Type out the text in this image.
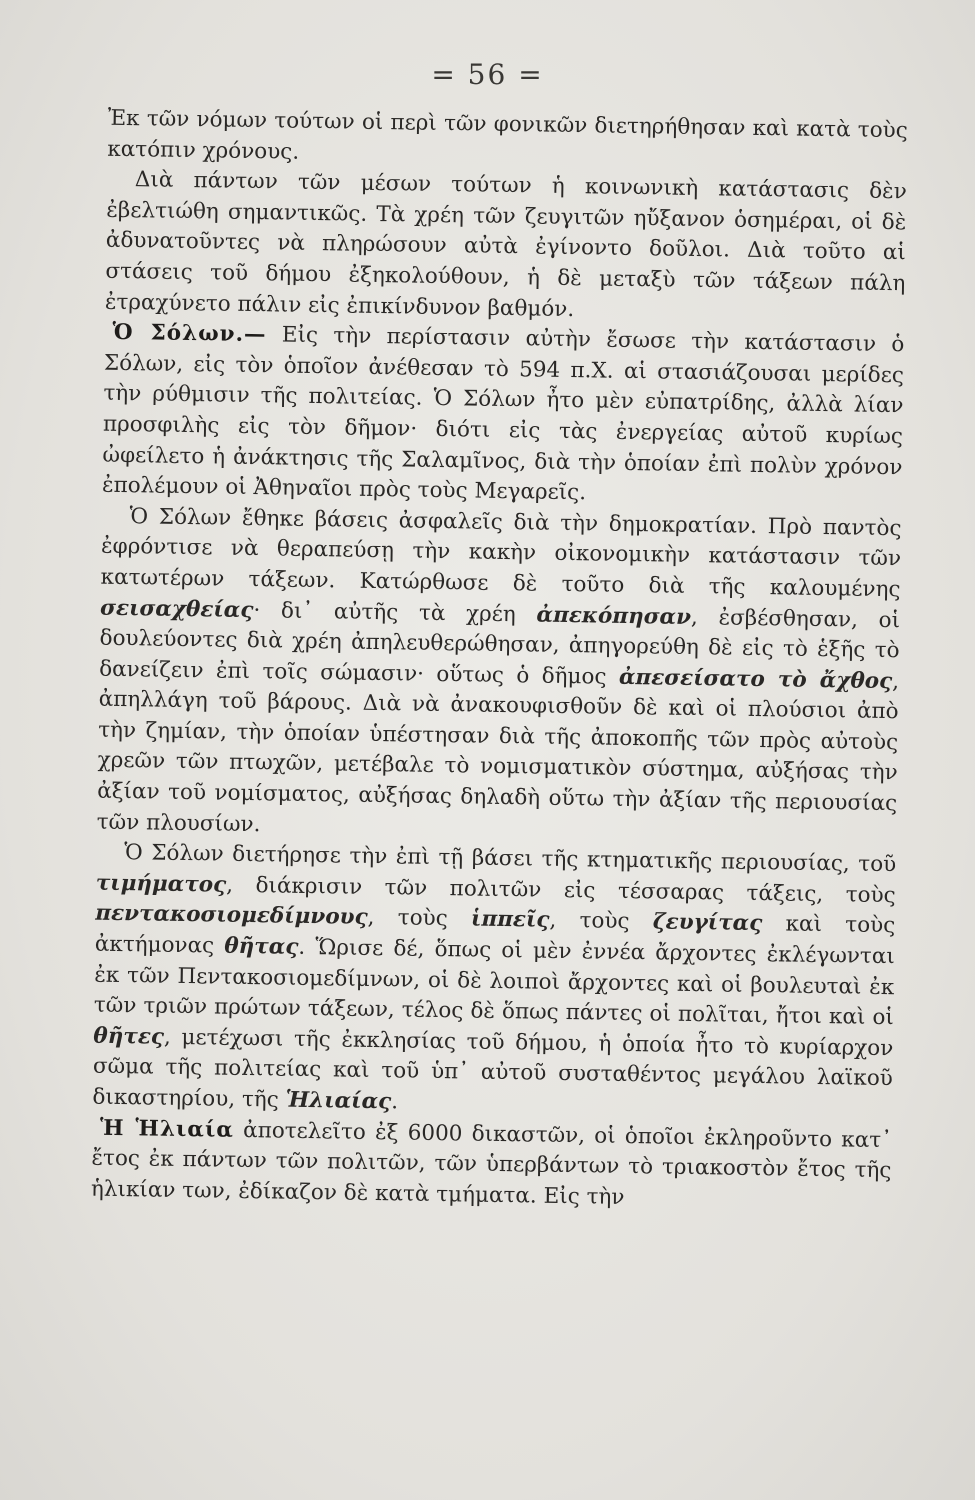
= 56 =

Ἐκ τῶν νόμων τούτων οἱ περὶ τῶν φονικῶν διετηρήθησαν καὶ κατὰ τοὺς κατόπιν χρόνους.

Διὰ πάντων τῶν μέσων τούτων ἡ κοινωνικὴ κατάστασις δὲν ἐβελτιώθη σημαντικῶς. Τὰ χρέη τῶν ζευγιτῶν ηὔξανον ὁσημέραι, οἱ δὲ ἀδυνατοῦντες νὰ πληρώσουν αὐτὰ ἐγίνοντο δοῦλοι. Διὰ τοῦτο αἱ στάσεις τοῦ δήμου ἐξηκολούθουν, ἡ δὲ μεταξὺ τῶν τάξεων πάλη ἐτραχύνετο πάλιν εἰς ἐπικίνδυνον βαθμόν.

Ὁ Σόλων.— Εἰς τὴν περίστασιν αὐτὴν ἔσωσε τὴν κατάστασιν ὁ Σόλων, εἰς τὸν ὁποῖον ἀνέθεσαν τὸ 594 π.Χ. αἱ στασιάζουσαι μερίδες τὴν ρύθμισιν τῆς πολιτείας. Ὁ Σόλων ἦτο μὲν εὐπατρίδης, ἀλλὰ λίαν προσφιλὴς εἰς τὸν δῆμον· διότι εἰς τὰς ἐνεργείας αὐτοῦ κυρίως ὠφείλετο ἡ ἀνάκτησις τῆς Σαλαμῖνος, διὰ τὴν ὁποίαν ἐπὶ πολὺν χρόνον ἐπολέμουν οἱ Ἀθηναῖοι πρὸς τοὺς Μεγαρεῖς.

Ὁ Σόλων ἔθηκε βάσεις ἀσφαλεῖς διὰ τὴν δημοκρατίαν. Πρὸ παντὸς ἐφρόντισε νὰ θεραπεύσῃ τὴν κακὴν οἰκονομικὴν κατάστασιν τῶν κατωτέρων τάξεων. Κατώρθωσε δὲ τοῦτο διὰ τῆς καλουμένης σεισαχθείας· δι᾿ αὐτῆς τὰ χρέη ἀπεκόπησαν, ἐσβέσθησαν, οἱ δουλεύοντες διὰ χρέη ἀπηλευθερώθησαν, ἀπηγορεύθη δὲ εἰς τὸ ἑξῆς τὸ δανείζειν ἐπὶ τοῖς σώμασιν· οὕτως ὁ δῆμος ἀπεσείσατο τὸ ἄχθος, ἀπηλλάγη τοῦ βάρους. Διὰ νὰ ἀνακουφισθοῦν δὲ καὶ οἱ πλούσιοι ἀπὸ τὴν ζημίαν, τὴν ὁποίαν ὑπέστησαν διὰ τῆς ἀποκοπῆς τῶν πρὸς αὐτοὺς χρεῶν τῶν πτωχῶν, μετέβαλε τὸ νομισματικὸν σύστημα, αὐξήσας τὴν ἀξίαν τοῦ νομίσματος, αὐξήσας δηλαδὴ οὕτω τὴν ἀξίαν τῆς περιουσίας τῶν πλουσίων.

Ὁ Σόλων διετήρησε τὴν ἐπὶ τῇ βάσει τῆς κτηματικῆς περιουσίας, τοῦ τιμήματος, διάκρισιν τῶν πολιτῶν εἰς τέσσαρας τάξεις, τοὺς πεντακοσιομεδίμνους, τοὺς ἱππεῖς, τοὺς ζευγίτας καὶ τοὺς ἀκτήμονας θῆτας. Ὥρισε δέ, ὅπως οἱ μὲν ἐννέα ἄρχοντες ἐκλέγωνται ἐκ τῶν Πεντακοσιομεδίμνων, οἱ δὲ λοιποὶ ἄρχοντες καὶ οἱ βουλευταὶ ἐκ τῶν τριῶν πρώτων τάξεων, τέλος δὲ ὅπως πάντες οἱ πολῖται, ἤτοι καὶ οἱ θῆτες, μετέχωσι τῆς ἐκκλησίας τοῦ δήμου, ἡ ὁποία ἦτο τὸ κυρίαρχον σῶμα τῆς πολιτείας καὶ τοῦ ὑπ᾿ αὐτοῦ συσταθέντος μεγάλου λαϊκοῦ δικαστηρίου, τῆς Ἡλιαίας.

Ἡ Ἡλιαία ἀποτελεῖτο ἐξ 6000 δικαστῶν, οἱ ὁποῖοι ἐκληροῦντο κατ᾿ ἔτος ἐκ πάντων τῶν πολιτῶν, τῶν ὑπερβάντων τὸ τριακοστὸν ἔτος τῆς ἡλικίαν των, ἐδίκαζον δὲ κατὰ τμήματα. Εἰς τὴν
